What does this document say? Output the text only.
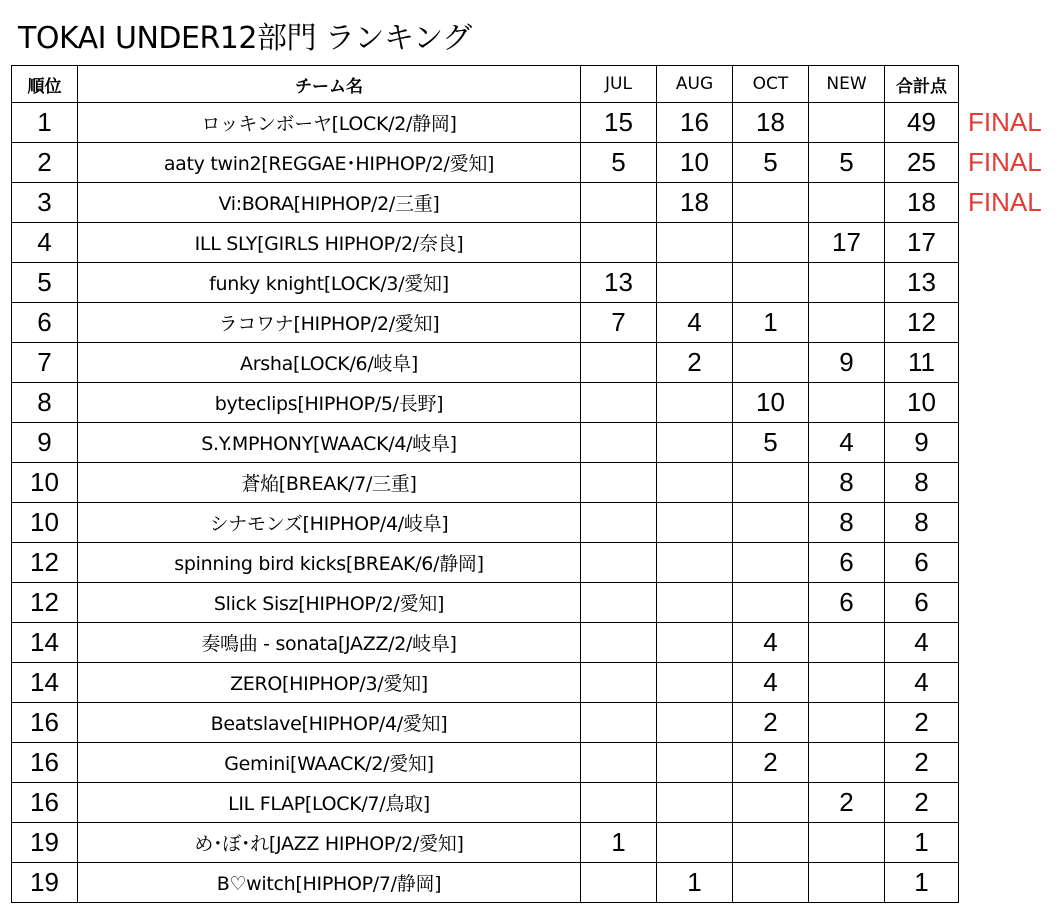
TOKAI UNDER12部門 ランキング
順位	チーム名	JUL	AUG	OCT	NEW	合計点
1	ロッキンボーヤ[LOCK/2/静岡]	15	16	18		49
2	aaty twin2[REGGAE･HIPHOP/2/愛知]	5	10	5	5	25
3	Vi:BORA[HIPHOP/2/三重]		18			18
4	ILL SLY[GIRLS HIPHOP/2/奈良]				17	17
5	funky knight[LOCK/3/愛知]	13				13
6	ラコワナ[HIPHOP/2/愛知]	7	4	1		12
7	Arsha[LOCK/6/岐阜]		2		9	11
8	byteclips[HIPHOP/5/長野]			10		10
9	S.Y.MPHONY[WAACK/4/岐阜]			5	4	9
10	蒼焔[BREAK/7/三重]				8	8
10	シナモンズ[HIPHOP/4/岐阜]				8	8
12	spinning bird kicks[BREAK/6/静岡]				6	6
12	Slick Sisz[HIPHOP/2/愛知]				6	6
14	奏鳴曲 - sonata[JAZZ/2/岐阜]			4		4
14	ZERO[HIPHOP/3/愛知]			4		4
16	Beatslave[HIPHOP/4/愛知]			2		2
16	Gemini[WAACK/2/愛知]			2		2
16	LIL FLAP[LOCK/7/鳥取]				2	2
19	め･ぼ･れ[JAZZ HIPHOP/2/愛知]	1				1
19	B♡witch[HIPHOP/7/静岡]		1			1
FINAL
FINAL
FINAL
